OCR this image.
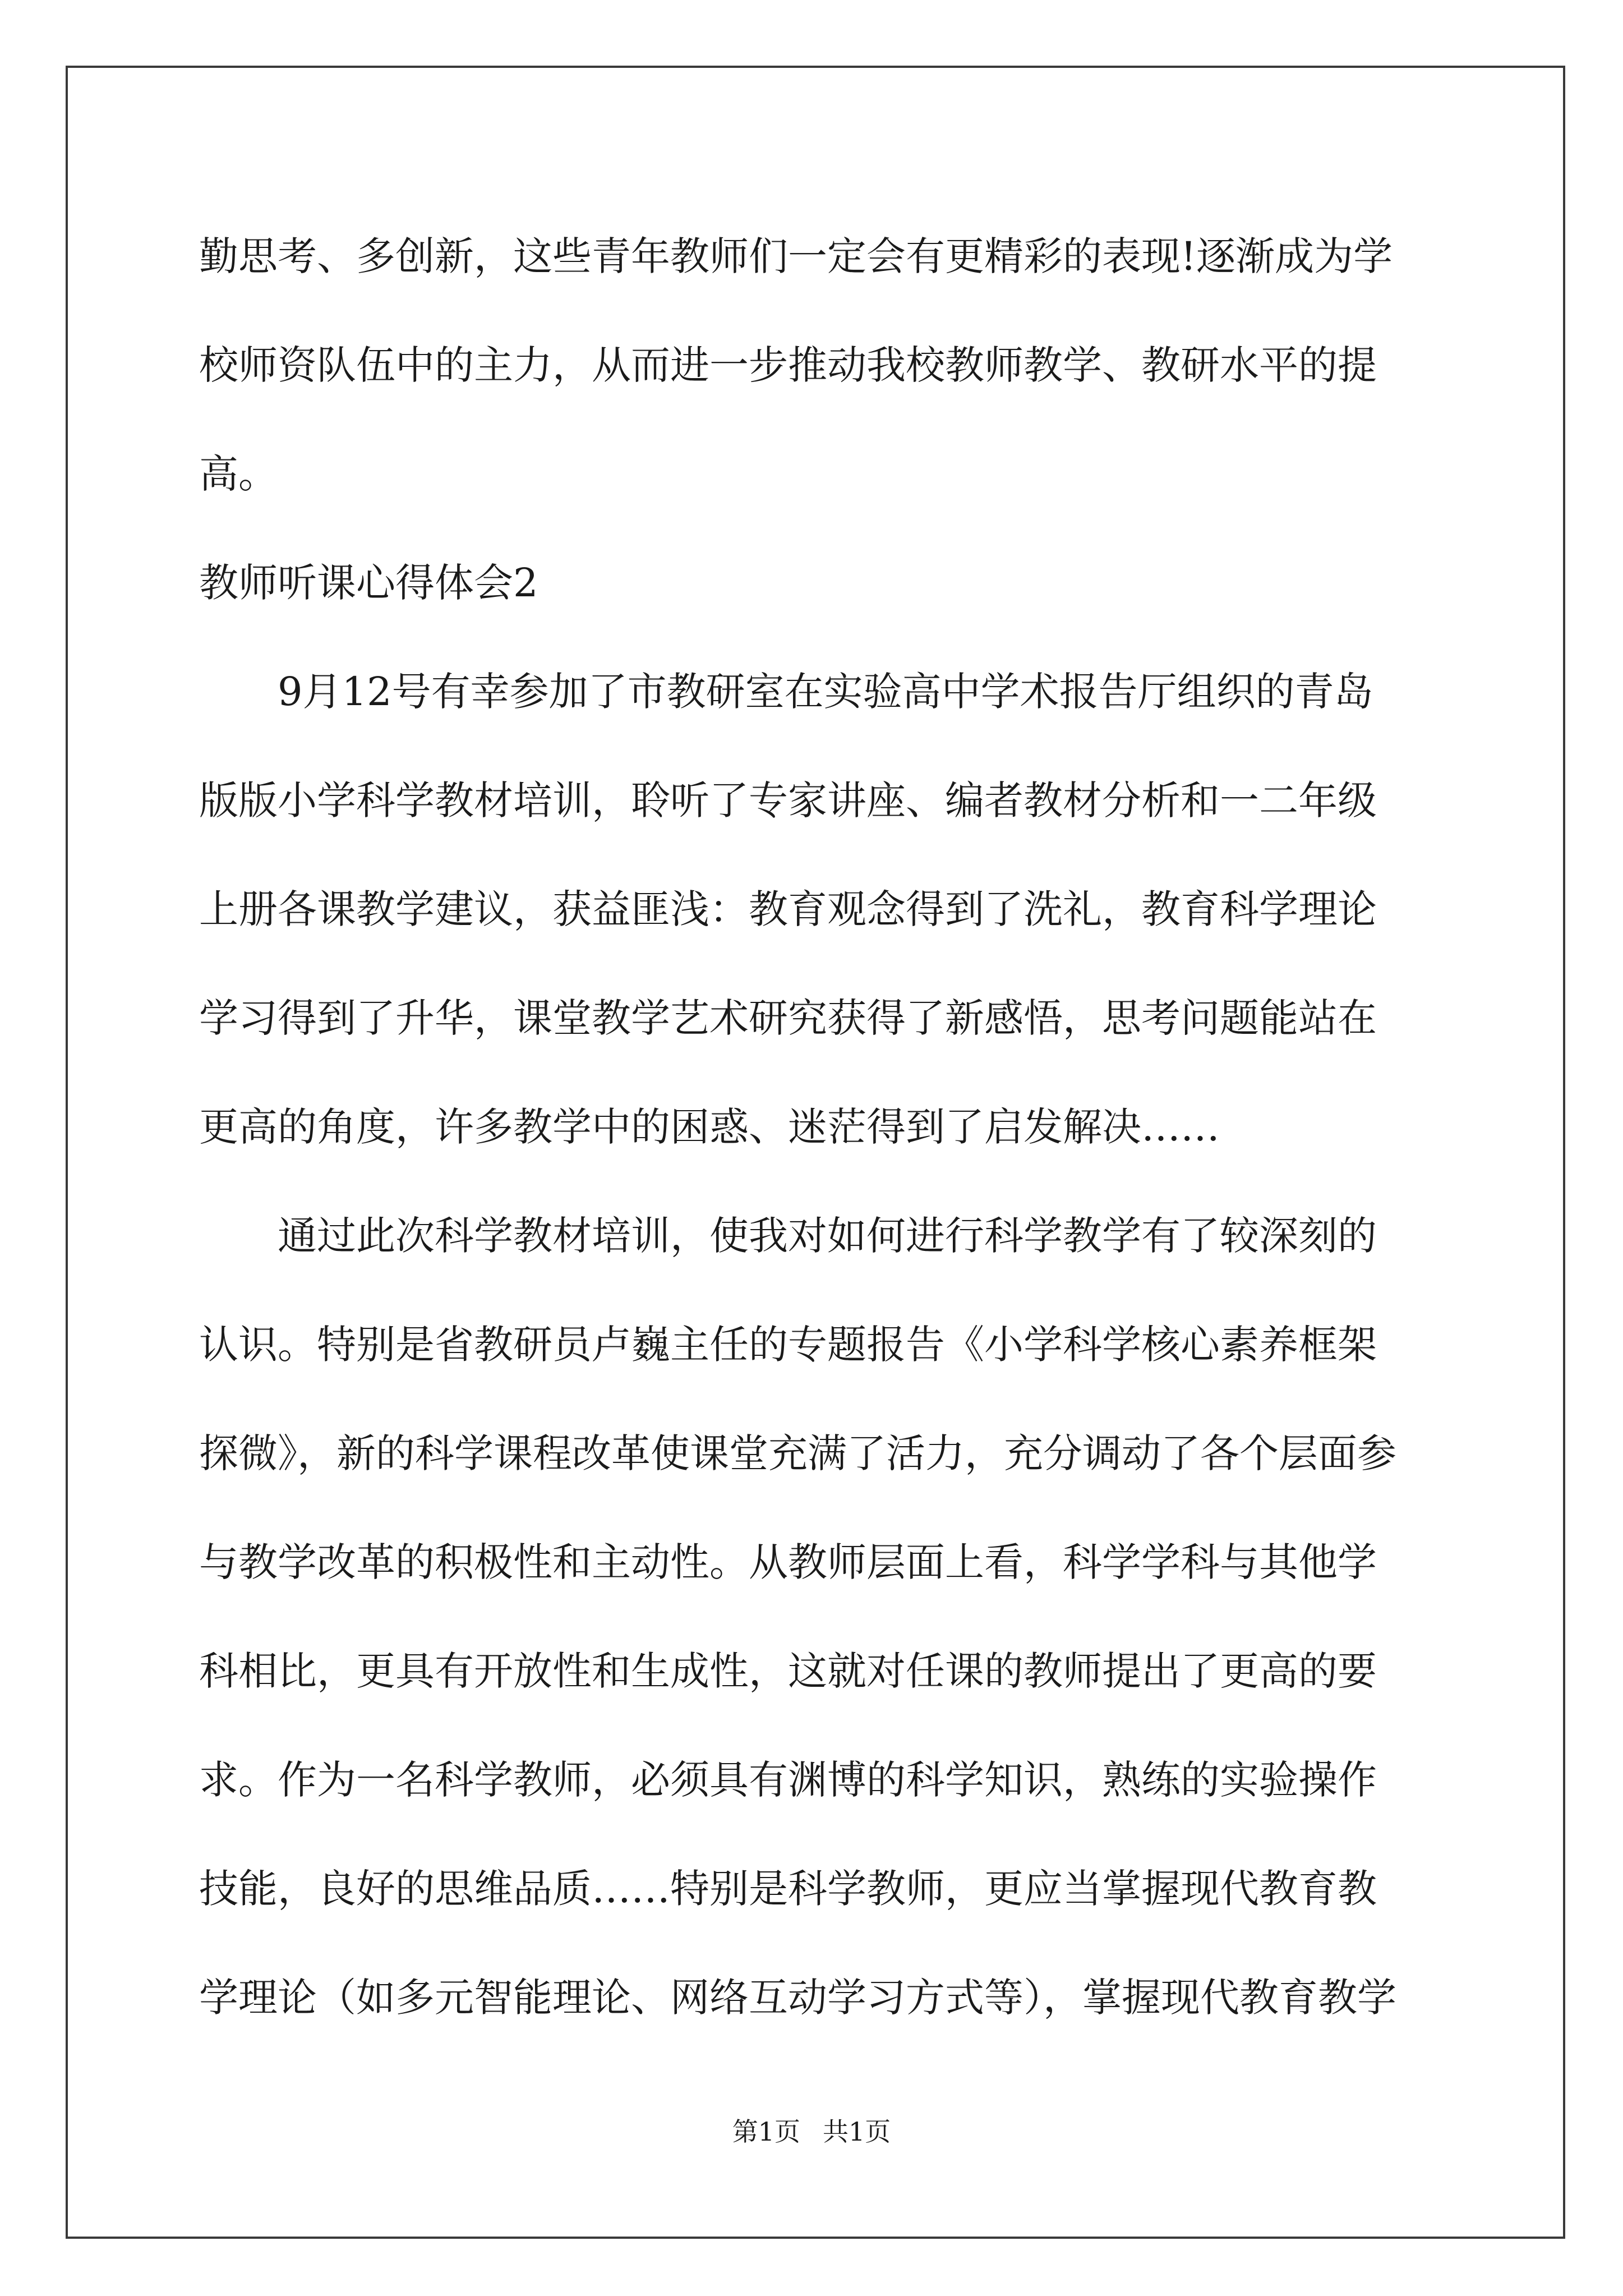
勤思考、多创新，这些青年教师们一定会有更精彩的表现!逐渐成为学
校师资队伍中的主力，从而进一步推动我校教师教学、教研水平的提
高。
教师听课心得体会2
9月12号有幸参加了市教研室在实验高中学术报告厅组织的青岛
版版小学科学教材培训，聆听了专家讲座、编者教材分析和一二年级
上册各课教学建议，获益匪浅：教育观念得到了洗礼，教育科学理论
学习得到了升华，课堂教学艺术研究获得了新感悟，思考问题能站在
更高的角度，许多教学中的困惑、迷茫得到了启发解决……
通过此次科学教材培训，使我对如何进行科学教学有了较深刻的
认识。特别是省教研员卢巍主任的专题报告《小学科学核心素养框架
探微》，新的科学课程改革使课堂充满了活力，充分调动了各个层面参
与教学改革的积极性和主动性。从教师层面上看，科学学科与其他学
科相比，更具有开放性和生成性，这就对任课的教师提出了更高的要
求。作为一名科学教师，必须具有渊博的科学知识，熟练的实验操作
技能，良好的思维品质……特别是科学教师，更应当掌握现代教育教
学理论（如多元智能理论、网络互动学习方式等），掌握现代教育教学
第1页 共1页
